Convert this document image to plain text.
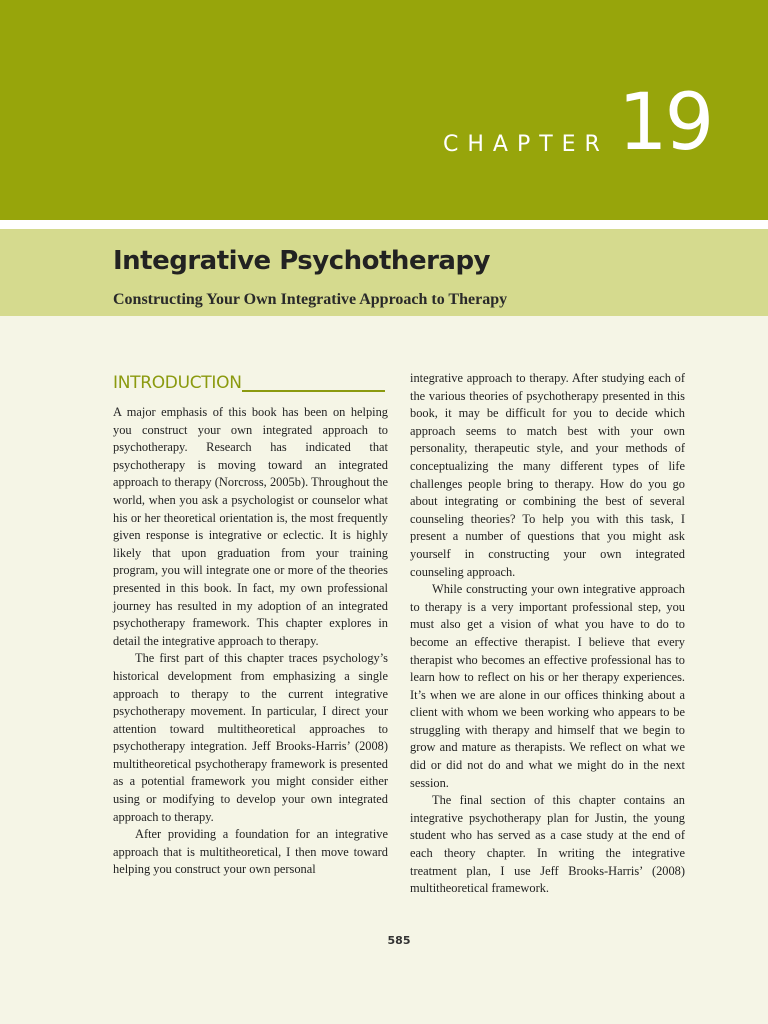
CHAPTER 19
Integrative Psychotherapy
Constructing Your Own Integrative Approach to Therapy
INTRODUCTION

A major emphasis of this book has been on helping you construct your own integrated approach to psychotherapy. Research has indicated that psychotherapy is moving toward an integrated approach to therapy (Norcross, 2005b). Throughout the world, when you ask a psychologist or counselor what his or her theoretical orientation is, the most frequently given response is integrative or eclectic. It is highly likely that upon graduation from your training program, you will integrate one or more of the theories presented in this book. In fact, my own professional journey has resulted in my adoption of an integrated psychotherapy framework. This chapter explores in detail the integrative approach to therapy.

The first part of this chapter traces psychology’s historical development from emphasizing a single approach to therapy to the current integrative psychotherapy movement. In particular, I direct your attention toward multitheoretical approaches to psychotherapy integration. Jeff Brooks-Harris’ (2008) multitheoretical psychotherapy framework is presented as a potential framework you might consider either using or modifying to develop your own integrated approach to therapy.

After providing a foundation for an integrative approach that is multitheoretical, I then move toward helping you construct your own personal

integrative approach to therapy. After studying each of the various theories of psychotherapy presented in this book, it may be difficult for you to decide which approach seems to match best with your own personality, therapeutic style, and your methods of conceptualizing the many different types of life challenges people bring to therapy. How do you go about integrating or combining the best of several counseling theories? To help you with this task, I present a number of questions that you might ask yourself in constructing your own integrated counseling approach.

While constructing your own integrative approach to therapy is a very important professional step, you must also get a vision of what you have to do to become an effective therapist. I believe that every therapist who becomes an effective professional has to learn how to reflect on his or her therapy experiences. It’s when we are alone in our offices thinking about a client with whom we been working who appears to be struggling with therapy and himself that we begin to grow and mature as therapists. We reflect on what we did or did not do and what we might do in the next session.

The final section of this chapter contains an integrative psychotherapy plan for Justin, the young student who has served as a case study at the end of each theory chapter. In writing the integrative treatment plan, I use Jeff Brooks-Harris’ (2008) multitheoretical framework.

585
